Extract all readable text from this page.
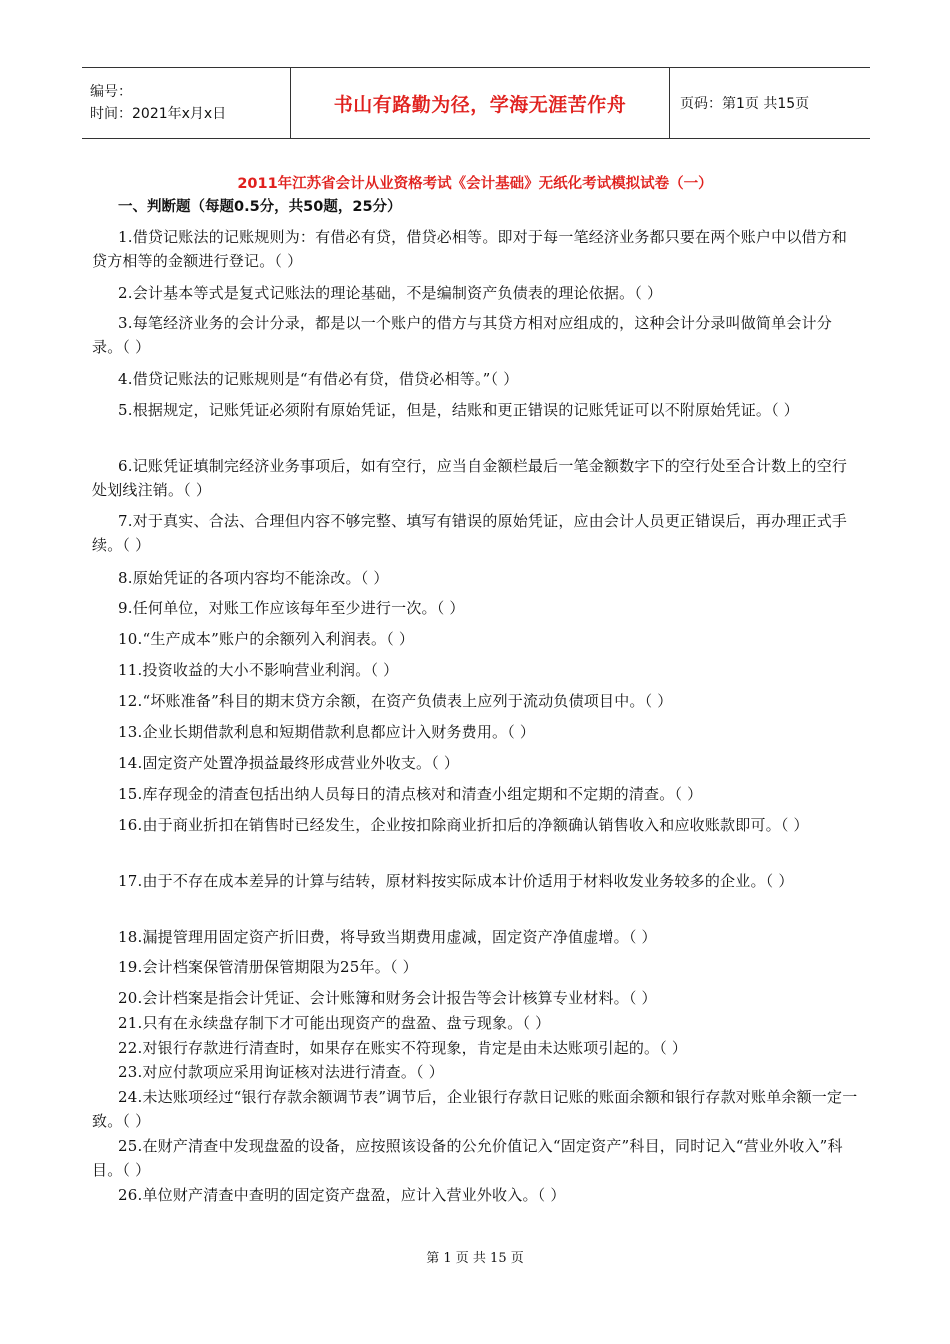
编号：
时间：2021年x月x日	书山有路勤为径，学海无涯苦作舟	页码：第1页 共15页
2011年江苏省会计从业资格考试《会计基础》无纸化考试模拟试卷（一）
一、判断题（每题0.5分，共50题，25分）
1.借贷记账法的记账规则为：有借必有贷，借贷必相等。即对于每一笔经济业务都只要在两个账户中以借方和贷方相等的金额进行登记。（ ）
2.会计基本等式是复式记账法的理论基础，不是编制资产负债表的理论依据。（ ）
3.每笔经济业务的会计分录，都是以一个账户的借方与其贷方相对应组成的，这种会计分录叫做简单会计分录。（ ）
4.借贷记账法的记账规则是“有借必有贷，借贷必相等。”（ ）
5.根据规定，记账凭证必须附有原始凭证，但是，结账和更正错误的记账凭证可以不附原始凭证。（ ）
6.记账凭证填制完经济业务事项后，如有空行，应当自金额栏最后一笔金额数字下的空行处至合计数上的空行处划线注销。（ ）
7.对于真实、合法、合理但内容不够完整、填写有错误的原始凭证，应由会计人员更正错误后，再办理正式手续。（ ）
8.原始凭证的各项内容均不能涂改。（ ）
9.任何单位，对账工作应该每年至少进行一次。（ ）
10.“生产成本”账户的余额列入利润表。（ ）
11.投资收益的大小不影响营业利润。（ ）
12.“坏账准备”科目的期末贷方余额，在资产负债表上应列于流动负债项目中。（ ）
13.企业长期借款利息和短期借款利息都应计入财务费用。（ ）
14.固定资产处置净损益最终形成营业外收支。（ ）
15.库存现金的清查包括出纳人员每日的清点核对和清查小组定期和不定期的清查。（ ）
16.由于商业折扣在销售时已经发生，企业按扣除商业折扣后的净额确认销售收入和应收账款即可。（ ）
17.由于不存在成本差异的计算与结转，原材料按实际成本计价适用于材料收发业务较多的企业。（ ）
18.漏提管理用固定资产折旧费，将导致当期费用虚减，固定资产净值虚增。（ ）
19.会计档案保管清册保管期限为25年。（ ）
20.会计档案是指会计凭证、会计账簿和财务会计报告等会计核算专业材料。（ ）
21.只有在永续盘存制下才可能出现资产的盘盈、盘亏现象。（ ）
22.对银行存款进行清查时，如果存在账实不符现象，肯定是由未达账项引起的。（ ）
23.对应付款项应采用询证核对法进行清查。（ ）
24.未达账项经过“银行存款余额调节表”调节后，企业银行存款日记账的账面余额和银行存款对账单余额一定一致。（ ）
25.在财产清查中发现盘盈的设备，应按照该设备的公允价值记入“固定资产”科目，同时记入“营业外收入”科目。（ ）
26.单位财产清查中查明的固定资产盘盈，应计入营业外收入。（ ）
第 1 页 共 15 页
